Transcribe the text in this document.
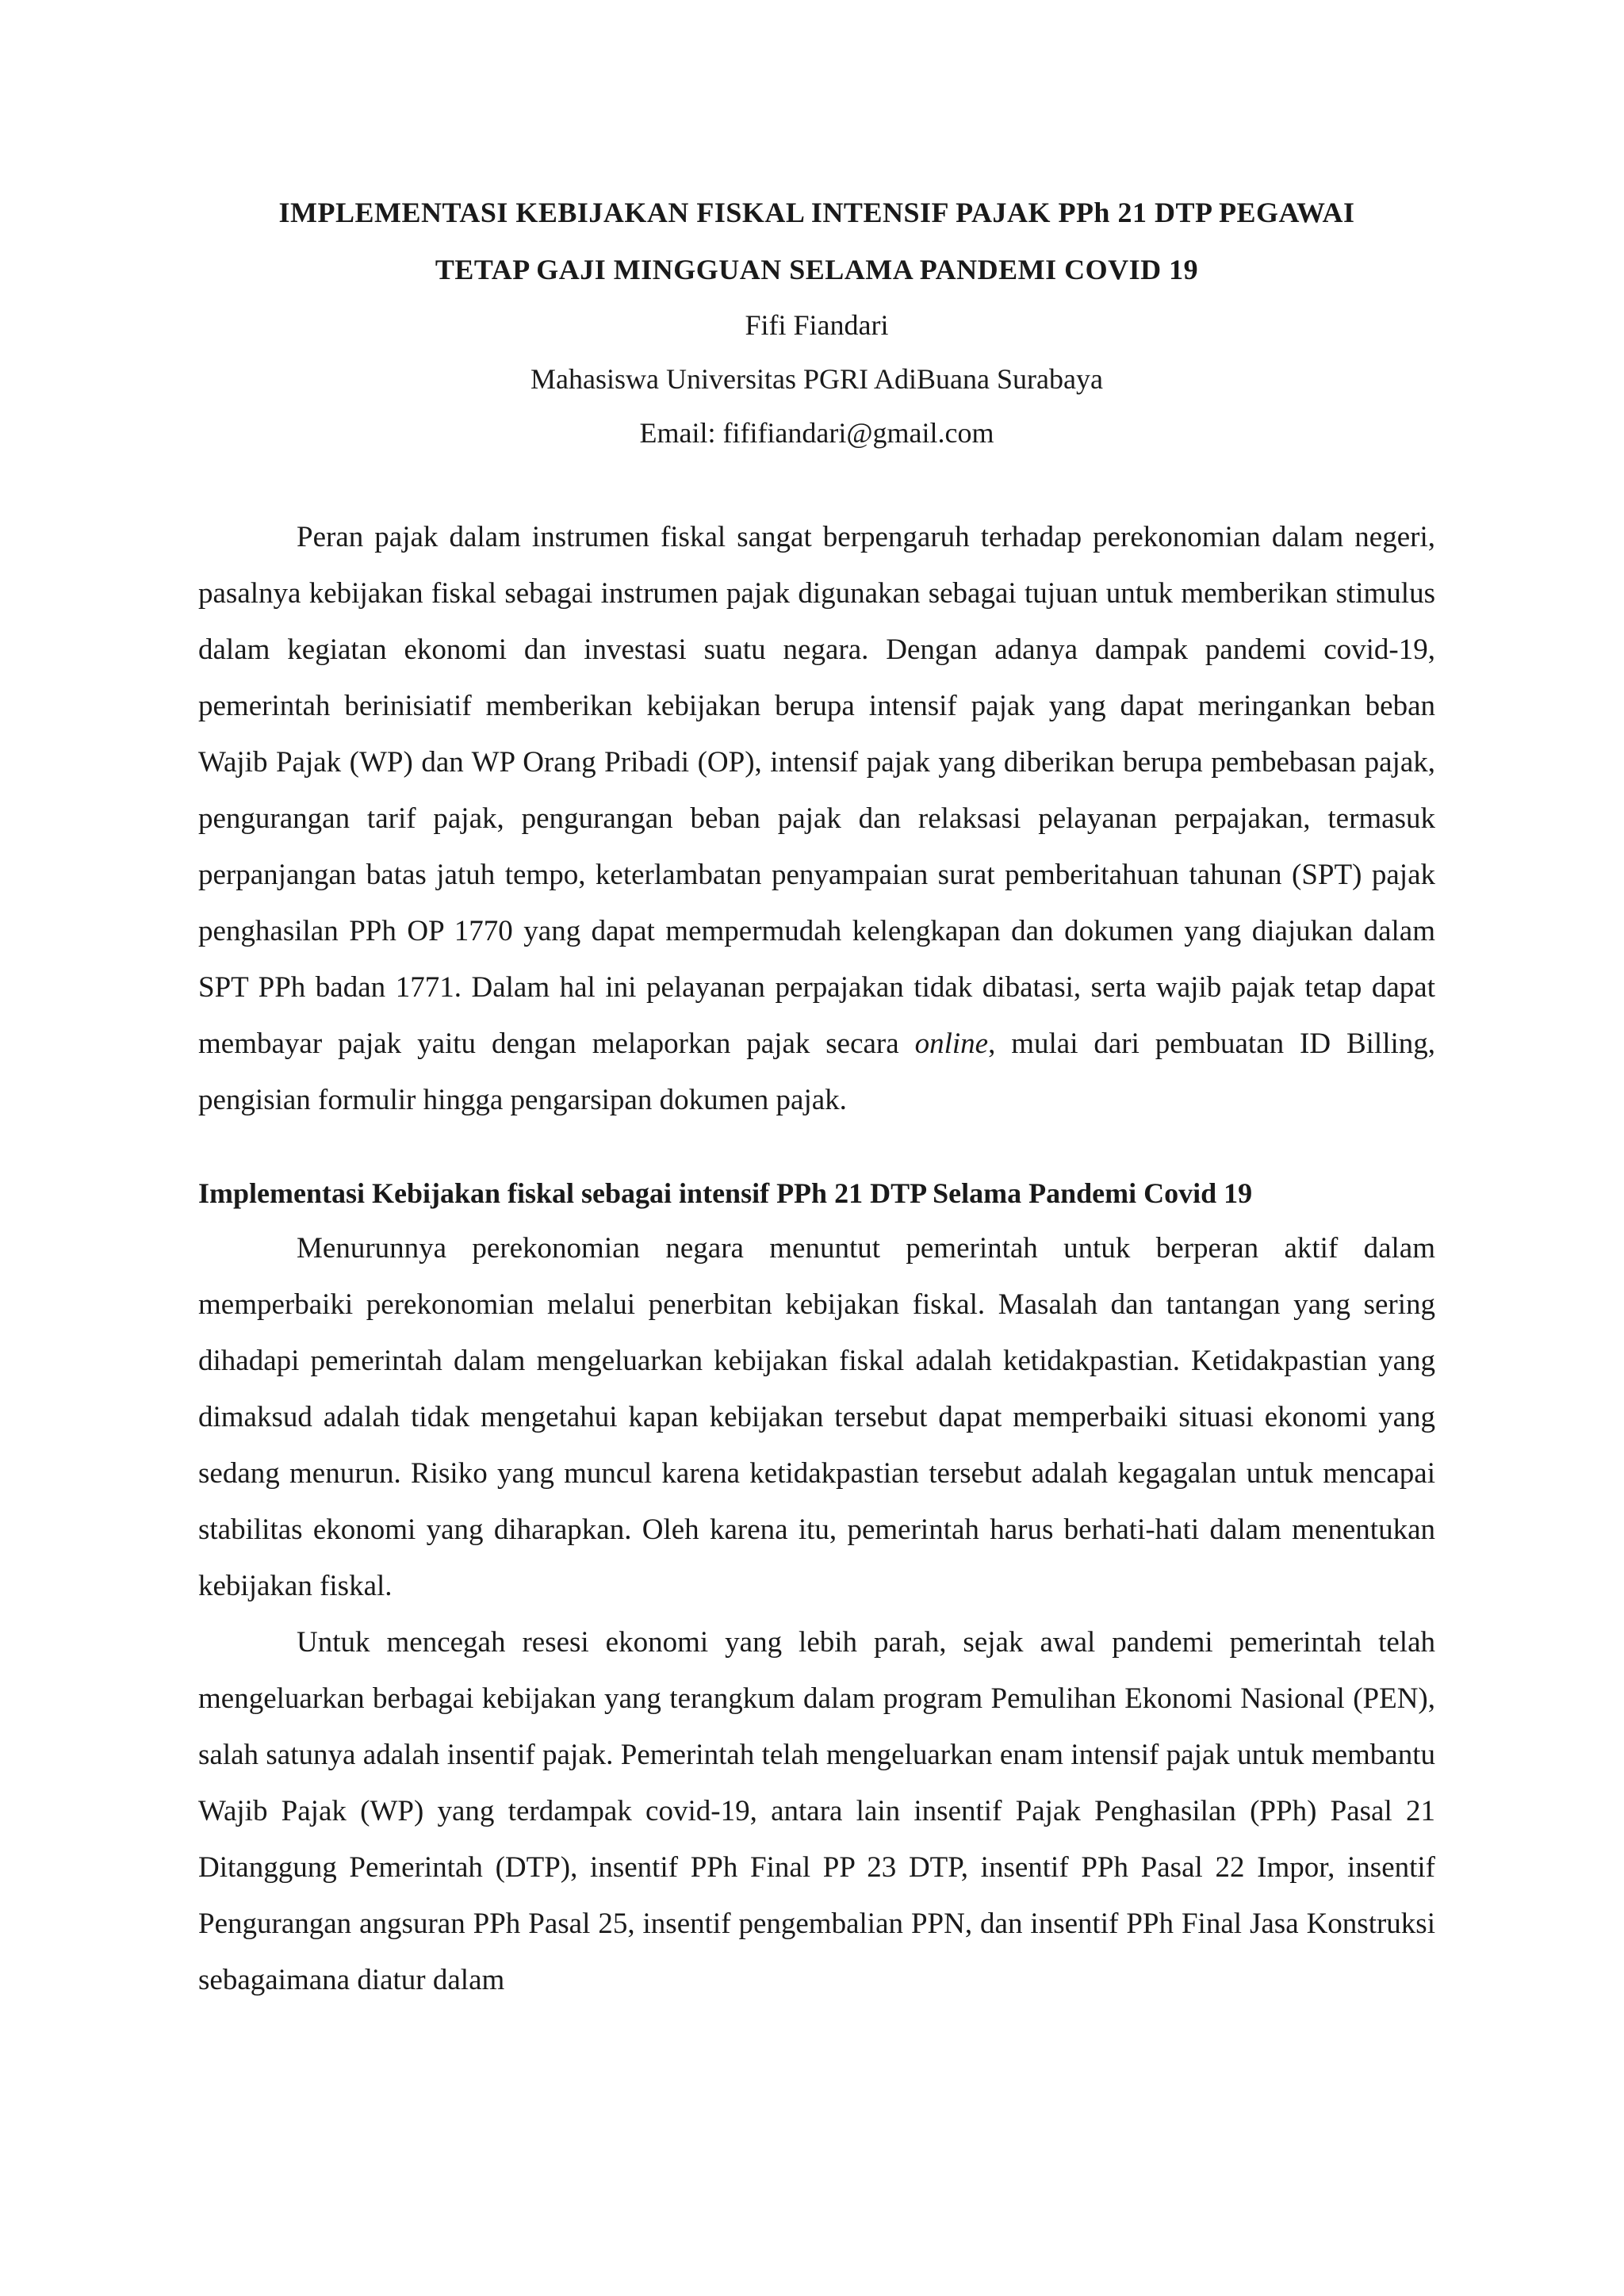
IMPLEMENTASI KEBIJAKAN FISKAL INTENSIF PAJAK PPh 21 DTP PEGAWAI

TETAP GAJI MINGGUAN SELAMA PANDEMI COVID 19

Fifi Fiandari

Mahasiswa Universitas PGRI AdiBuana Surabaya

Email: fififiandari@gmail.com

Peran pajak dalam instrumen fiskal sangat berpengaruh terhadap perekonomian dalam negeri, pasalnya kebijakan fiskal sebagai instrumen pajak digunakan sebagai tujuan untuk memberikan stimulus dalam kegiatan ekonomi dan investasi suatu negara. Dengan adanya dampak pandemi covid-19, pemerintah berinisiatif memberikan kebijakan berupa intensif pajak yang dapat meringankan beban Wajib Pajak (WP) dan WP Orang Pribadi (OP), intensif pajak yang diberikan berupa pembebasan pajak, pengurangan tarif pajak, pengurangan beban pajak dan relaksasi pelayanan perpajakan, termasuk perpanjangan batas jatuh tempo, keterlambatan penyampaian surat pemberitahuan tahunan (SPT) pajak penghasilan PPh OP 1770 yang dapat mempermudah kelengkapan dan dokumen yang diajukan dalam SPT PPh badan 1771. Dalam hal ini pelayanan perpajakan tidak dibatasi, serta wajib pajak tetap dapat membayar pajak yaitu dengan melaporkan pajak secara online, mulai dari pembuatan ID Billing, pengisian formulir hingga pengarsipan dokumen pajak.

Implementasi Kebijakan fiskal sebagai intensif PPh 21 DTP Selama Pandemi Covid 19

Menurunnya perekonomian negara menuntut pemerintah untuk berperan aktif dalam memperbaiki perekonomian melalui penerbitan kebijakan fiskal. Masalah dan tantangan yang sering dihadapi pemerintah dalam mengeluarkan kebijakan fiskal adalah ketidakpastian. Ketidakpastian yang dimaksud adalah tidak mengetahui kapan kebijakan tersebut dapat memperbaiki situasi ekonomi yang sedang menurun. Risiko yang muncul karena ketidakpastian tersebut adalah kegagalan untuk mencapai stabilitas ekonomi yang diharapkan. Oleh karena itu, pemerintah harus berhati-hati dalam menentukan kebijakan fiskal.

Untuk mencegah resesi ekonomi yang lebih parah, sejak awal pandemi pemerintah telah mengeluarkan berbagai kebijakan yang terangkum dalam program Pemulihan Ekonomi Nasional (PEN), salah satunya adalah insentif pajak. Pemerintah telah mengeluarkan enam intensif pajak untuk membantu Wajib Pajak (WP) yang terdampak covid-19, antara lain insentif Pajak Penghasilan (PPh) Pasal 21 Ditanggung Pemerintah (DTP), insentif PPh Final PP 23 DTP, insentif PPh Pasal 22 Impor, insentif Pengurangan angsuran PPh Pasal 25, insentif pengembalian PPN, dan insentif PPh Final Jasa Konstruksi sebagaimana diatur dalam
